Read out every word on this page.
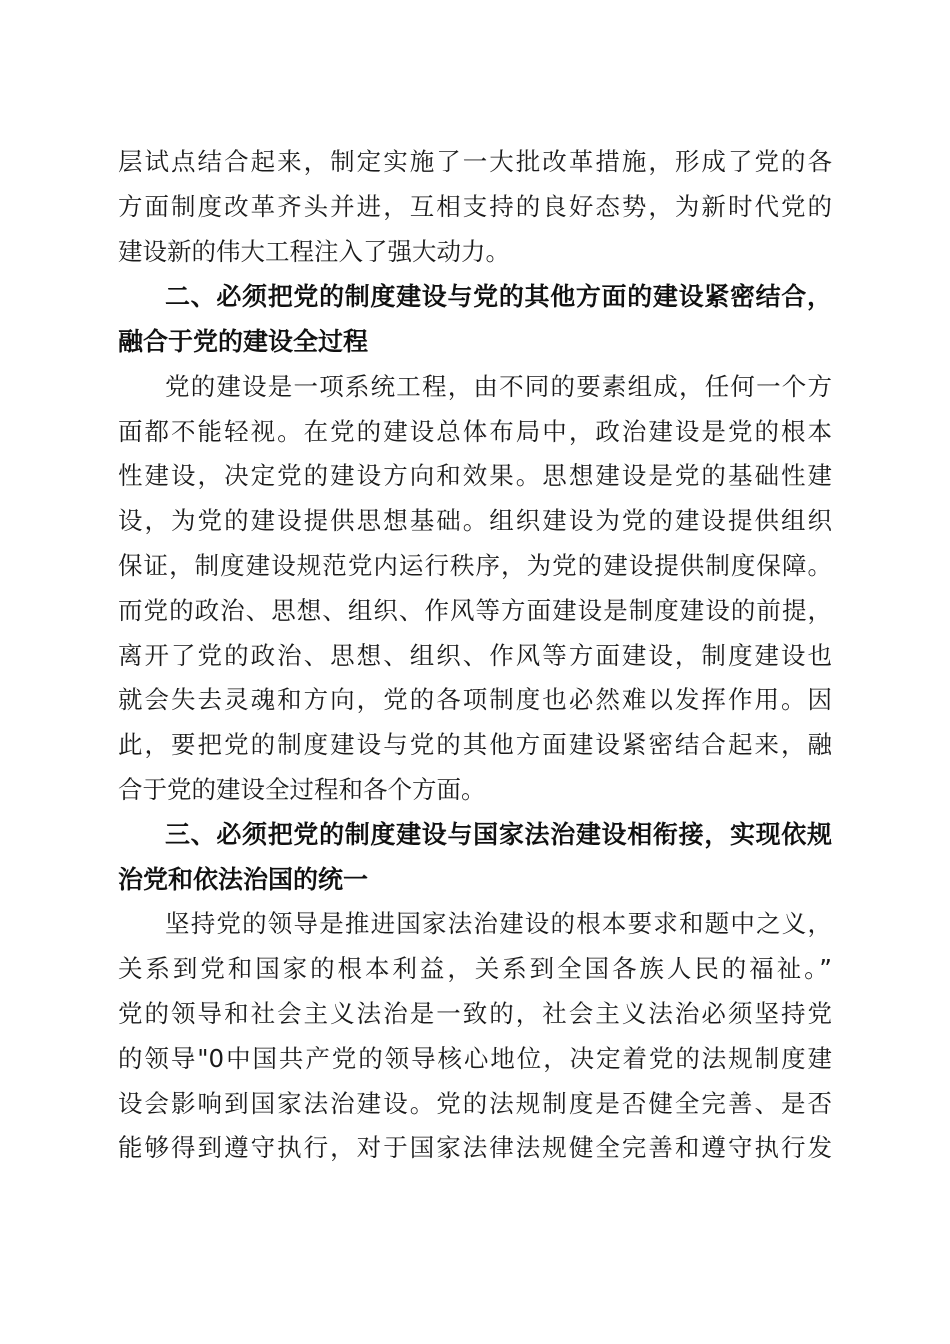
层试点结合起来，制定实施了一大批改革措施，形成了党的各
方面制度改革齐头并进，互相支持的良好态势，为新时代党的
建设新的伟大工程注入了强大动力。
二、必须把党的制度建设与党的其他方面的建设紧密结合，
融合于党的建设全过程
党的建设是一项系统工程，由不同的要素组成，任何一个方
面都不能轻视。在党的建设总体布局中，政治建设是党的根本
性建设，决定党的建设方向和效果。思想建设是党的基础性建
设，为党的建设提供思想基础。组织建设为党的建设提供组织
保证，制度建设规范党内运行秩序，为党的建设提供制度保障。
而党的政治、思想、组织、作风等方面建设是制度建设的前提，
离开了党的政治、思想、组织、作风等方面建设，制度建设也
就会失去灵魂和方向，党的各项制度也必然难以发挥作用。因
此，要把党的制度建设与党的其他方面建设紧密结合起来，融
合于党的建设全过程和各个方面。
三、必须把党的制度建设与国家法治建设相衔接，实现依规
治党和依法治国的统一
坚持党的领导是推进国家法治建设的根本要求和题中之义，
关系到党和国家的根本利益，关系到全国各族人民的福祉。”
党的领导和社会主义法治是一致的，社会主义法治必须坚持党
的领导"0中国共产党的领导核心地位，决定着党的法规制度建
设会影响到国家法治建设。党的法规制度是否健全完善、是否
能够得到遵守执行，对于国家法律法规健全完善和遵守执行发
